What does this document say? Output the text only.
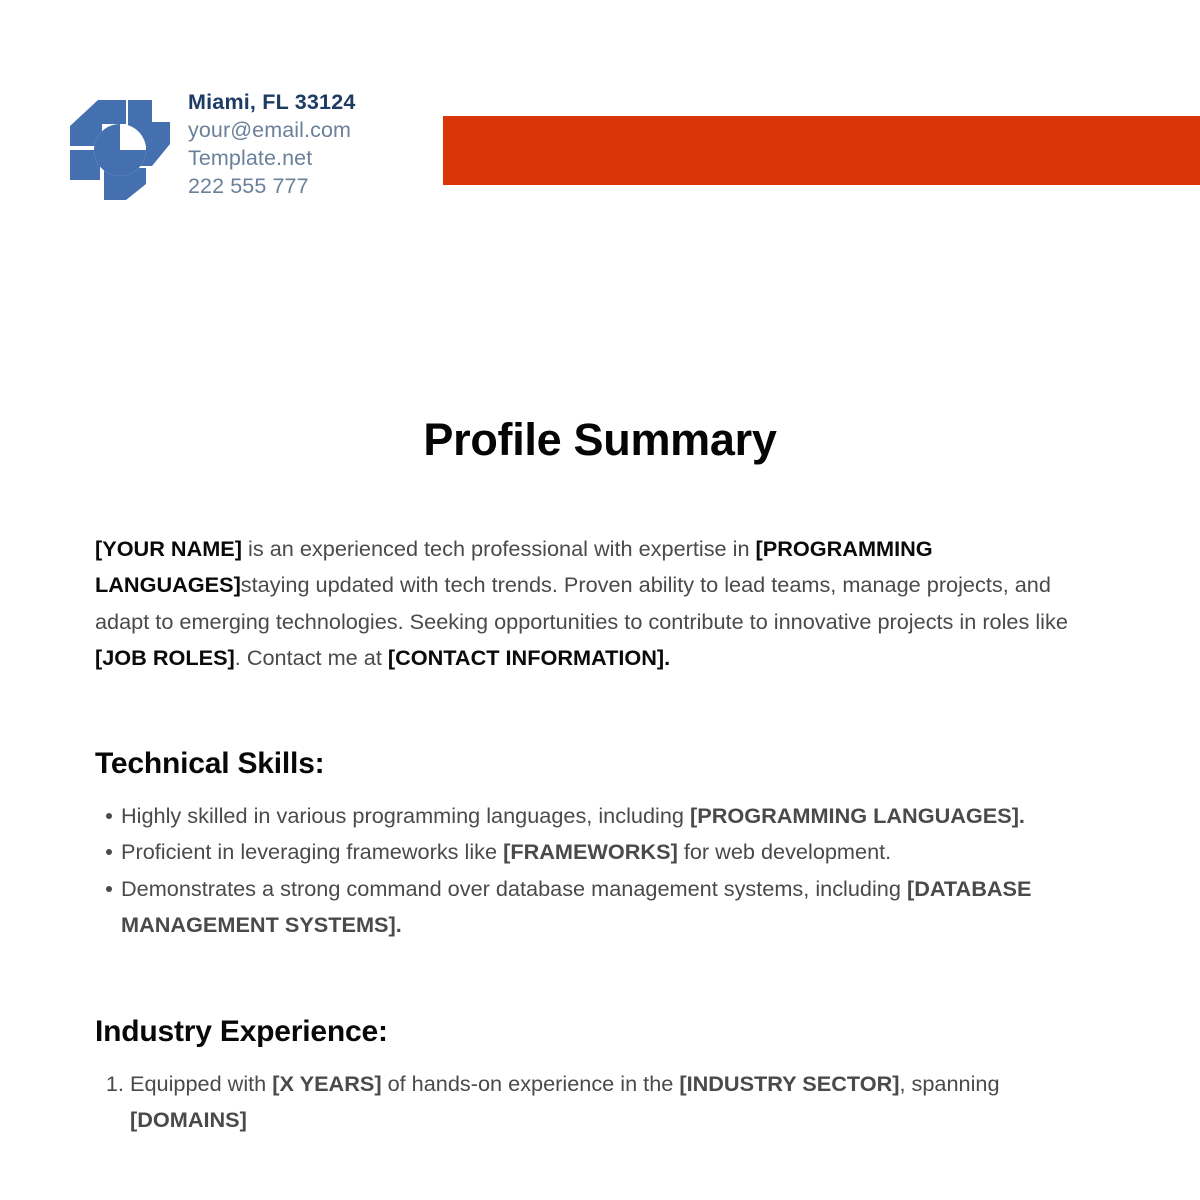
Miami, FL 33124
your@email.com
Template.net
222 555 777
Profile Summary

[YOUR NAME] is an experienced tech professional with expertise in [PROGRAMMING LANGUAGES]staying updated with tech trends. Proven ability to lead teams, manage projects, and adapt to emerging technologies. Seeking opportunities to contribute to innovative projects in roles like [JOB ROLES]. Contact me at [CONTACT INFORMATION].

Technical Skills:
Highly skilled in various programming languages, including [PROGRAMMING LANGUAGES].
Proficient in leveraging frameworks like [FRAMEWORKS] for web development.
Demonstrates a strong command over database management systems, including [DATABASE MANAGEMENT SYSTEMS].
Industry Experience:
1. Equipped with [X YEARS] of hands-on experience in the [INDUSTRY SECTOR], spanning [DOMAINS]
